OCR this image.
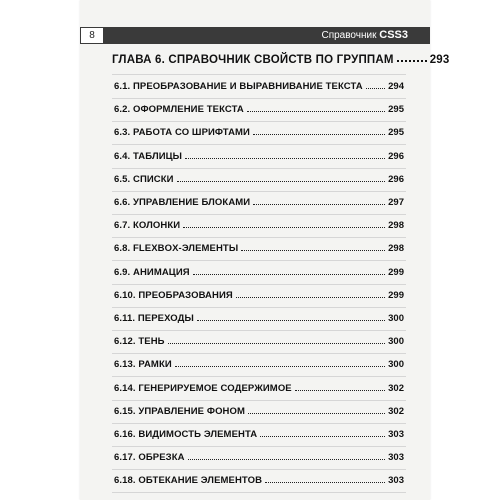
8	Справочник CSS3
ГЛАВА 6. СПРАВОЧНИК СВОЙСТВ ПО ГРУППАМ	293
6.1. ПРЕОБРАЗОВАНИЕ И ВЫРАВНИВАНИЕ ТЕКСТА	294
6.2. ОФОРМЛЕНИЕ ТЕКСТА	295
6.3. РАБОТА СО ШРИФТАМИ	295
6.4. ТАБЛИЦЫ	296
6.5. СПИСКИ	296
6.6. УПРАВЛЕНИЕ БЛОКАМИ	297
6.7. КОЛОНКИ	298
6.8. FLEXBOX-ЭЛЕМЕНТЫ	298
6.9. АНИМАЦИЯ	299
6.10. ПРЕОБРАЗОВАНИЯ	299
6.11. ПЕРЕХОДЫ	300
6.12. ТЕНЬ	300
6.13. РАМКИ	300
6.14. ГЕНЕРИРУЕМОЕ СОДЕРЖИМОЕ	302
6.15. УПРАВЛЕНИЕ ФОНОМ	302
6.16. ВИДИМОСТЬ ЭЛЕМЕНТА	303
6.17. ОБРЕЗКА	303
6.18. ОБТЕКАНИЕ ЭЛЕМЕНТОВ	303
